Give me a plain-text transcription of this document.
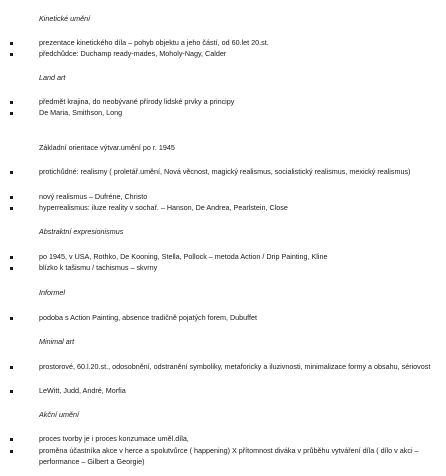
Kinetické umění
prezentace kinetického díla – pohyb objektu a jeho částí, od 60.let 20.st.
předchůdce: Duchamp ready-mades, Moholy-Nagy, Calder
Land art
předmět krajina, do neobývané přírody lidské prvky a principy
De Maria, Smithson, Long
Základní orientace výtvar.umění po r. 1945
protichůdné: realismy ( proletář.umění, Nová věcnost, magický realismus, socialistický realismus, mexický realismus)
nový realismus – Dufréne, Christo
hyperrealismus: iluze reality v sochař. – Hanson, De Andrea, Pearlstein, Close
Abstraktní expresionismus
po 1945, v USA, Rothko, De Kooning, Stella, Pollock – metoda Action / Drip Painting, Kline
blízko k tašismu / tachismus – skvrny
Informel
podoba s Action Painting, absence tradičně pojatých forem, Dubuffet
Minimal art
prostorové, 60.l.20.st., odosobnění, odstranění symboliky, metaforicky a iluzivnosti, minimalizace formy a obsahu, sériovost
LeWitt, Judd, André, Morfia
Akční umění
proces tvorby je i proces konzumace uměl.díla,
proměna účastníka akce v herce a spolutvůrce ( happening) X přítomnost diváka v průběhu vytváření díla ( dílo v akci – performance – Gilbert a Georgie)
